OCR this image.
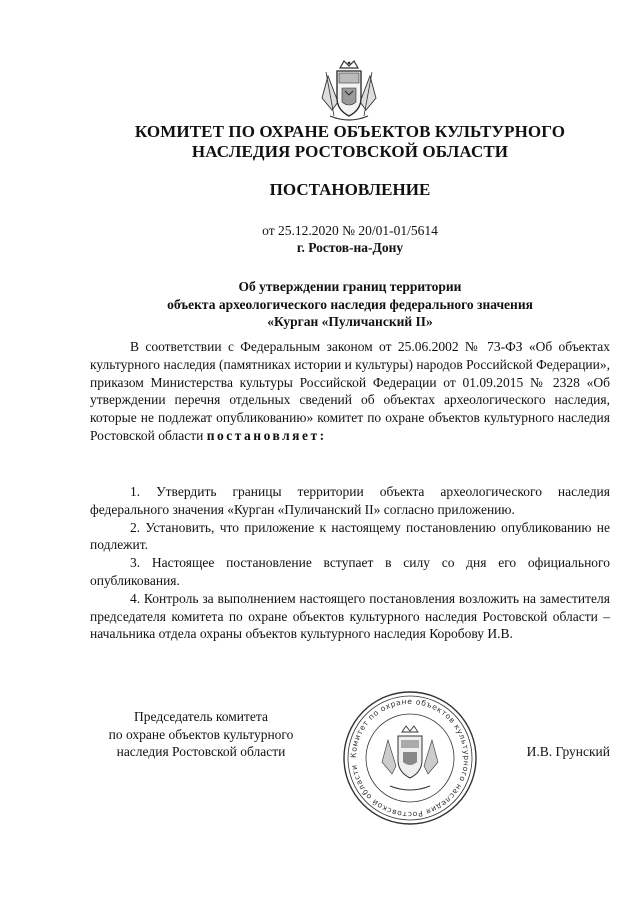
КОМИТЕТ ПО ОХРАНЕ ОБЪЕКТОВ КУЛЬТУРНОГО
НАСЛЕДИЯ РОСТОВСКОЙ ОБЛАСТИ
ПОСТАНОВЛЕНИЕ
от 25.12.2020 № 20/01-01/5614
г. Ростов-на-Дону
Об утверждении границ территории
объекта археологического наследия федерального значения
«Курган «Пуличанский II»
В соответствии с Федеральным законом от 25.06.2002 № 73-ФЗ «Об объектах культурного наследия (памятниках истории и культуры) народов Российской Федерации», приказом Министерства культуры Российской Федерации от 01.09.2015 № 2328 «Об утверждении перечня отдельных сведений об объектах археологического наследия, которые не подлежат опубликованию» комитет по охране объектов культурного наследия Ростовской области постановляет:
1. Утвердить границы территории объекта археологического наследия федерального значения «Курган «Пуличанский II» согласно приложению.
2. Установить, что приложение к настоящему постановлению опубликованию не подлежит.
3. Настоящее постановление вступает в силу со дня его официального опубликования.
4. Контроль за выполнением настоящего постановления возложить на заместителя председателя комитета по охране объектов культурного наследия Ростовской области – начальника отдела охраны объектов культурного наследия Коробову И.В.
Председатель комитета
по охране объектов культурного
наследия Ростовской области	Комитет по охране объектов культурного наследия Ростовской области
И.В. Грунский
